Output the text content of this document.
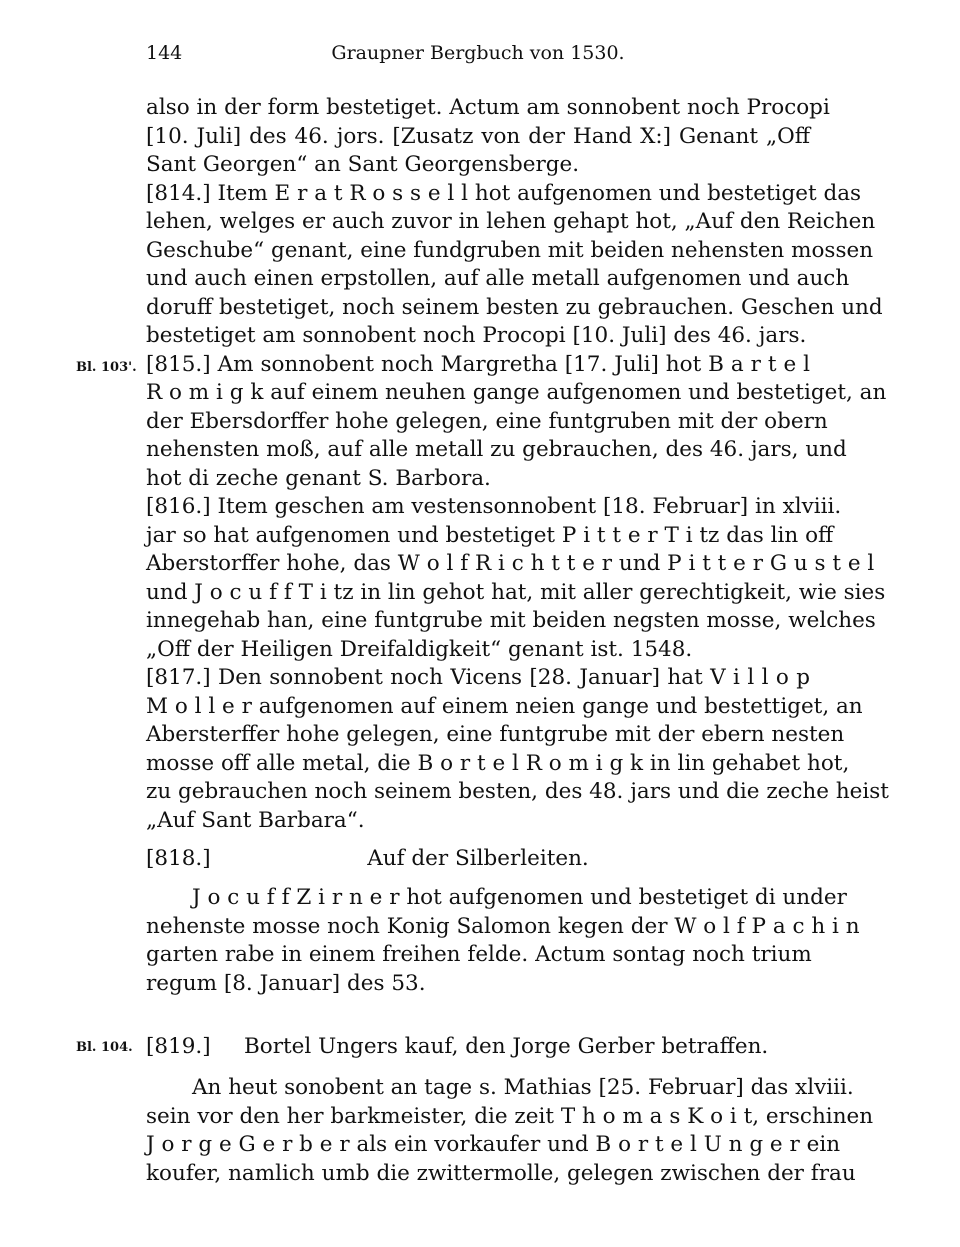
144	Graupner Bergbuch von 1530.
also in der form bestetiget. Actum am sonnobent noch Procopi
[10. Juli] des 46. jors. [Zusatz von der Hand X:] Genant „Off
Sant Georgen“ an Sant Georgensberge.
[814.] Item E r a t R o s s e l l hot aufgenomen und bestetiget das
lehen, welges er auch zuvor in lehen gehapt hot, „Auf den Reichen
Geschube“ genant, eine fundgruben mit beiden nehensten mossen
und auch einen erpstollen, auf alle metall aufgenomen und auch
doruff bestetiget, noch seinem besten zu gebrauchen. Geschen und
bestetiget am sonnobent noch Procopi [10. Juli] des 46. jars.
[815.] Am sonnobent noch Margretha [17. Juli] hot B a r t e l
R o m i g k auf einem neuhen gange aufgenomen und bestetiget, an
der Ebersdorffer hohe gelegen, eine funtgruben mit der obern
nehensten moß, auf alle metall zu gebrauchen, des 46. jars, und
hot di zeche genant S. Barbora.
[816.] Item geschen am vestensonnobent [18. Februar] in xlviii.
jar so hat aufgenomen und bestetiget P i t t e r T i tz das lin off
Aberstorffer hohe, das W o l f R i c h t t e r und P i t t e r G u s t e l
und J o c u f f T i tz in lin gehot hat, mit aller gerechtigkeit, wie sies
innegehab han, eine funtgrube mit beiden negsten mosse, welches
„Off der Heiligen Dreifaldigkeit“ genant ist. 1548.
[817.] Den sonnobent noch Vicens [28. Januar] hat V i l l o p
M o l l e r aufgenomen auf einem neien gange und bestettiget, an
Abersterffer hohe gelegen, eine funtgrube mit der ebern nesten
mosse off alle metal, die B o r t e l R o m i g k in lin gehabet hot,
zu gebrauchen noch seinem besten, des 48. jars und die zeche heist
„Auf Sant Barbara“.
Bl. 103'.
[818.]	Auf der Silberleiten.
J o c u f f Z i r n e r hot aufgenomen und bestetiget di under
nehenste mosse noch Konig Salomon kegen der W o l f P a c h i n
garten rabe in einem freihen felde. Actum sontag noch trium
regum [8. Januar] des 53.
Bl. 104. [819.] Bortel Ungers kauf, den Jorge Gerber betraffen.
An heut sonobent an tage s. Mathias [25. Februar] das xlviii.
sein vor den her barkmeister, die zeit T h o m a s K o i t, erschinen
J o r g e G e r b e r als ein vorkaufer und B o r t e l U n g e r ein
koufer, namlich umb die zwittermolle, gelegen zwischen der frau
